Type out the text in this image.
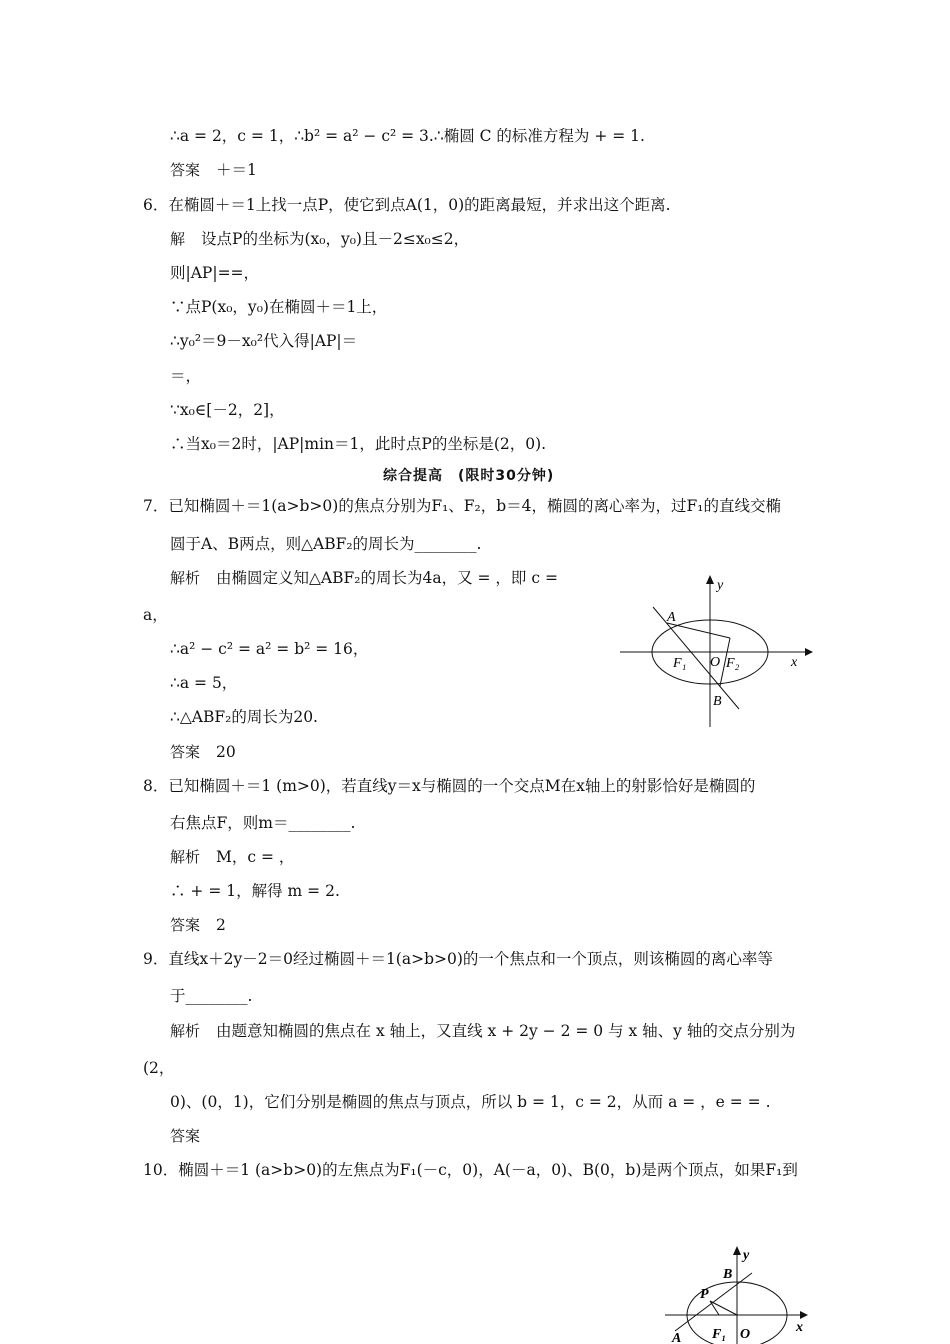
∴a = 2，c = 1，∴b² = a² − c² = 3.∴椭圆 C 的标准方程为 + = 1.
答案 ＋＝1
6．在椭圆＋＝1上找一点P，使它到点A(1，0)的距离最短，并求出这个距离.
解 设点P的坐标为(x₀，y₀)且－2≤x₀≤2，
则|AP|==，
∵点P(x₀，y₀)在椭圆＋＝1上，
∴y₀²＝9－x₀²代入得|AP|＝
＝，
∵x₀∈[－2，2]，
∴当x₀＝2时，|AP|min＝1，此时点P的坐标是(2，0).
综合提高　(限时30分钟)
7．已知椭圆＋＝1(a>b>0)的焦点分别为F₁、F₂，b＝4，椭圆的离心率为，过F₁的直线交椭
圆于A、B两点，则△ABF₂的周长为________.
解析 由椭圆定义知△ABF₂的周长为4a，又 = ，即 c =
a，
∴a² − c² = a² = b² = 16，
∴a = 5，
∴△ABF₂的周长为20.
答案 20
8．已知椭圆＋＝1 (m>0)，若直线y＝x与椭圆的一个交点M在x轴上的射影恰好是椭圆的
右焦点F，则m＝________.
解析 M，c = ，
∴ + = 1，解得 m = 2.
答案 2
9．直线x＋2y－2＝0经过椭圆＋＝1(a>b>0)的一个焦点和一个顶点，则该椭圆的离心率等
于________.
解析 由题意知椭圆的焦点在 x 轴上，又直线 x + 2y − 2 = 0 与 x 轴、y 轴的交点分别为
(2，
0)、(0，1)，它们分别是椭圆的焦点与顶点，所以 b = 1，c = 2，从而 a = ，e = = .
答案
10．椭圆＋＝1 (a>b>0)的左焦点为F₁(－c，0)，A(－a，0)、B(0，b)是两个顶点，如果F₁到
y
x
A
B
F₁ O F₂
y
x
A
B
P
F₁ O
